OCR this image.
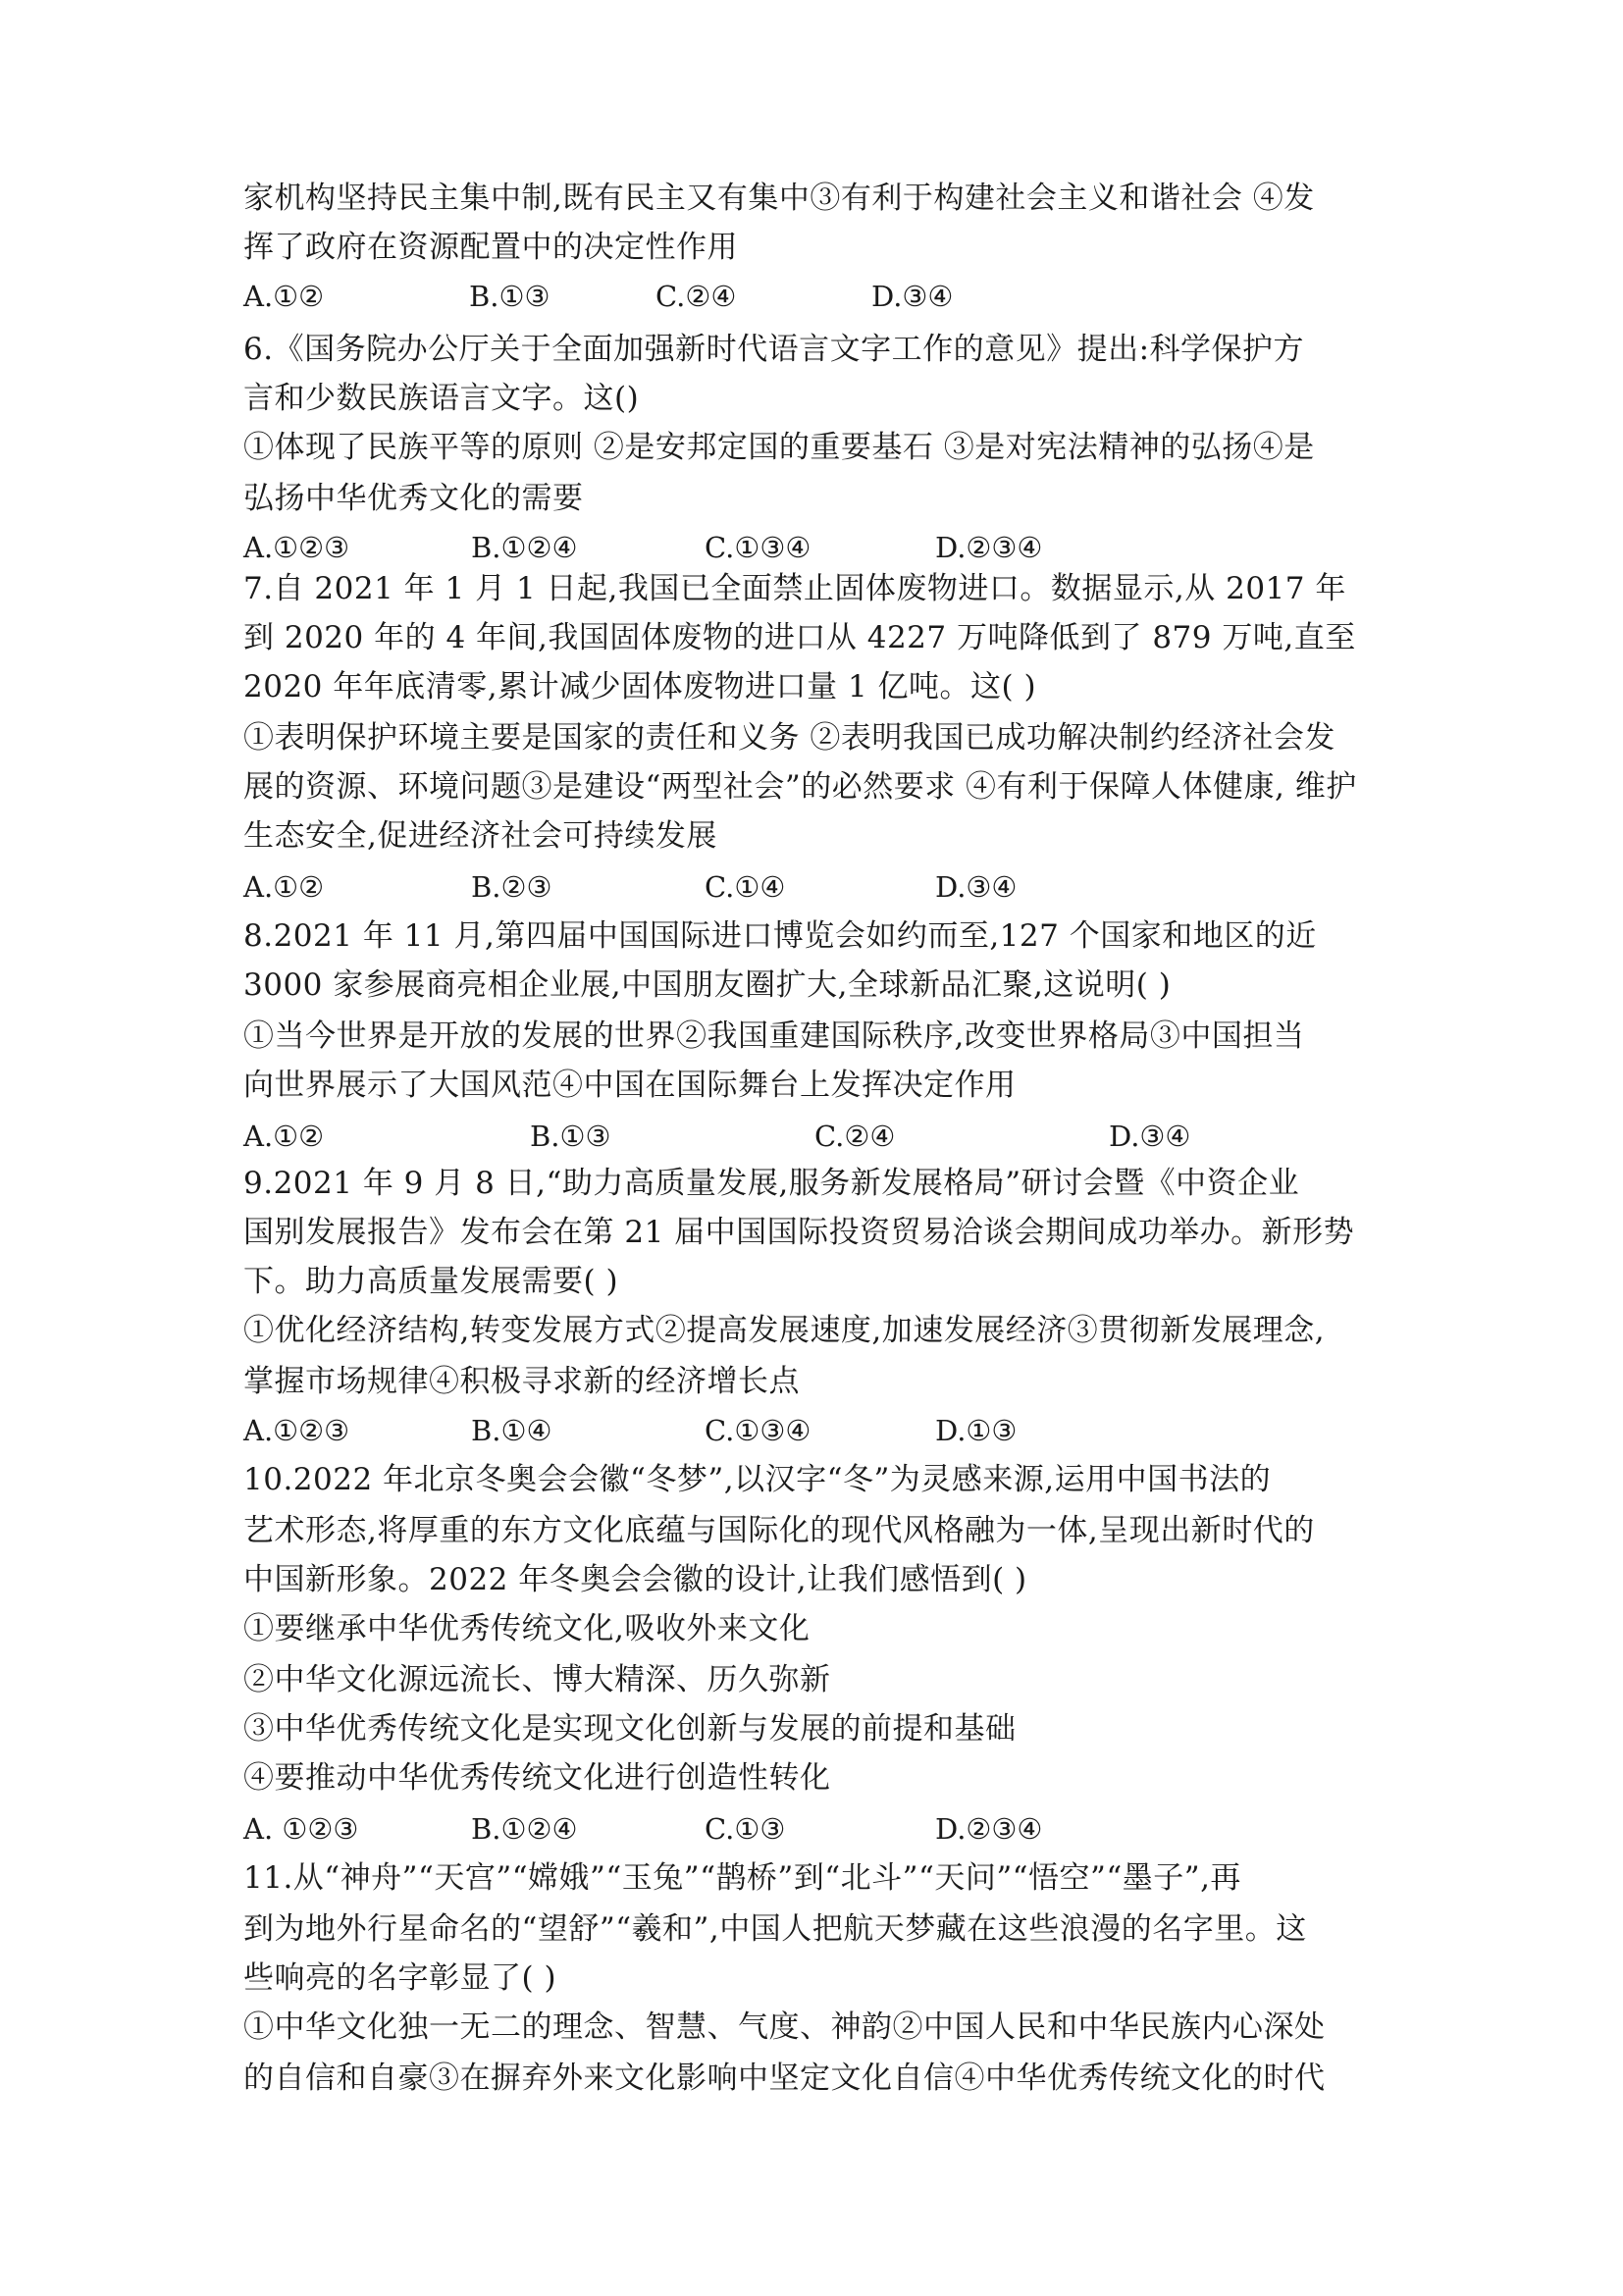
家机构坚持民主集中制,既有民主又有集中③有利于构建社会主义和谐社会 ④发
挥了政府在资源配置中的决定性作用
A.①②	B.①③	C.②④	D.③④
6.《国务院办公厅关于全面加强新时代语言文字工作的意见》提出:科学保护方
言和少数民族语言文字。这()
①体现了民族平等的原则 ②是安邦定国的重要基石 ③是对宪法精神的弘扬④是
弘扬中华优秀文化的需要
A.①②③	B.①②④	C.①③④	D.②③④
7.自 2021 年 1 月 1 日起,我国已全面禁止固体废物进口。数据显示,从 2017 年
到 2020 年的 4 年间,我国固体废物的进口从 4227 万吨降低到了 879 万吨,直至
2020 年年底清零,累计减少固体废物进口量 1 亿吨。这( )
①表明保护环境主要是国家的责任和义务 ②表明我国已成功解决制约经济社会发
展的资源、环境问题③是建设“两型社会”的必然要求 ④有利于保障人体健康, 维护
生态安全,促进经济社会可持续发展
A.①②	B.②③	C.①④	D.③④
8.2021 年 11 月,第四届中国国际进口博览会如约而至,127 个国家和地区的近
3000 家参展商亮相企业展,中国朋友圈扩大,全球新品汇聚,这说明( )
①当今世界是开放的发展的世界②我国重建国际秩序,改变世界格局③中国担当
向世界展示了大国风范④中国在国际舞台上发挥决定作用
A.①②	B.①③	C.②④	D.③④
9.2021 年 9 月 8 日,“助力高质量发展,服务新发展格局”研讨会暨《中资企业
国别发展报告》发布会在第 21 届中国国际投资贸易洽谈会期间成功举办。新形势
下。助力高质量发展需要( )
①优化经济结构,转变发展方式②提高发展速度,加速发展经济③贯彻新发展理念,
掌握市场规律④积极寻求新的经济增长点
A.①②③	B.①④	C.①③④	D.①③
10.2022 年北京冬奥会会徽“冬梦”,以汉字“冬”为灵感来源,运用中国书法的
艺术形态,将厚重的东方文化底蕴与国际化的现代风格融为一体,呈现出新时代的
中国新形象。2022 年冬奥会会徽的设计,让我们感悟到( )
①要继承中华优秀传统文化,吸收外来文化
②中华文化源远流长、博大精深、历久弥新
③中华优秀传统文化是实现文化创新与发展的前提和基础
④要推动中华优秀传统文化进行创造性转化
A. ①②③	B.①②④	C.①③	D.②③④
11.从“神舟”“天宫”“嫦娥”“玉兔”“鹊桥”到“北斗”“天问”“悟空”“墨子”,再
到为地外行星命名的“望舒”“羲和”,中国人把航天梦藏在这些浪漫的名字里。这
些响亮的名字彰显了( )
①中华文化独一无二的理念、智慧、气度、神韵②中国人民和中华民族内心深处
的自信和自豪③在摒弃外来文化影响中坚定文化自信④中华优秀传统文化的时代
